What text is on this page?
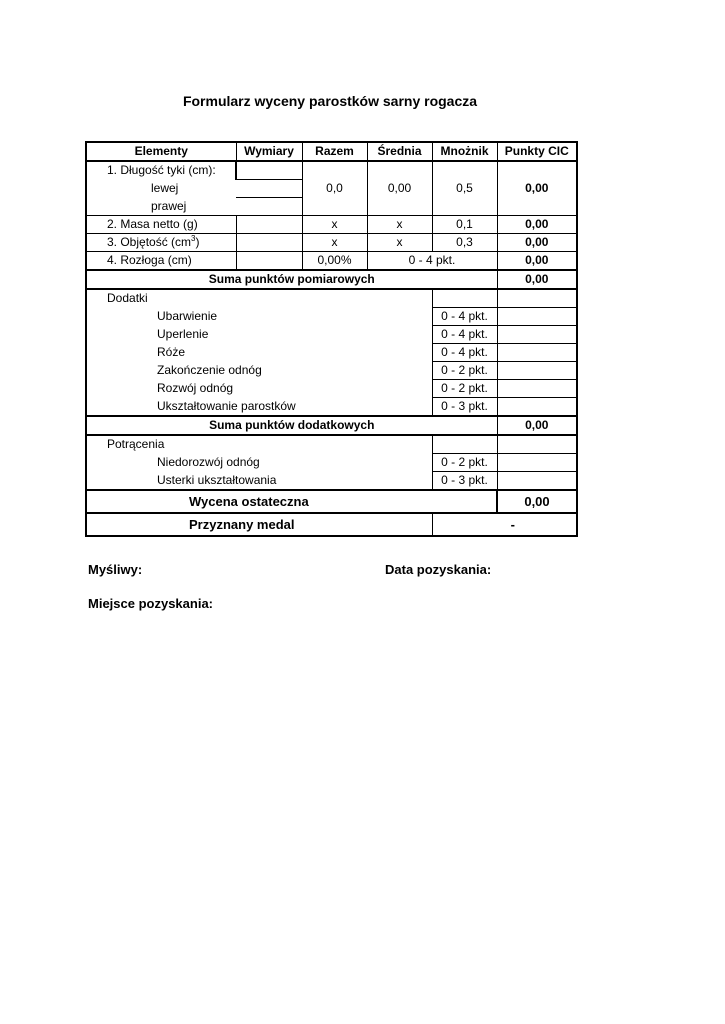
Formularz wyceny parostków sarny rogacza
Elementy	Wymiary	Razem	Średnia	Mnożnik	Punkty CIC
1. Długość tyki (cm):		0,0	0,00	0,5	0,00
lewej					
prawej					
2. Masa netto (g)		x	x	0,1	0,00
3. Objętość $(cm^3)$		x	x	0,3	0,00
4. Rozłoga (cm)		0,00%	0 - 4 pkt.		0,00
Suma punktów pomiarowych					0,00
Dodatki					
Ubarwienie				0 - 4 pkt.	
Uperlenie				0 - 4 pkt.	
Róże				0 - 4 pkt.	
Zakończenie odnóg				0 - 2 pkt.	
Rozwój odnóg				0 - 2 pkt.	
Ukształtowanie parostków				0 - 3 pkt.	
Suma punktów dodatkowych					0,00
Potrącenia					
Niedorozwój odnóg				0 - 2 pkt.	
Usterki ukształtowania				0 - 3 pkt.	
Wycena ostateczna					0,00
Przyznany medal				-	
Myśliwy:	Data pozyskania:
Miejsce pozyskania:
